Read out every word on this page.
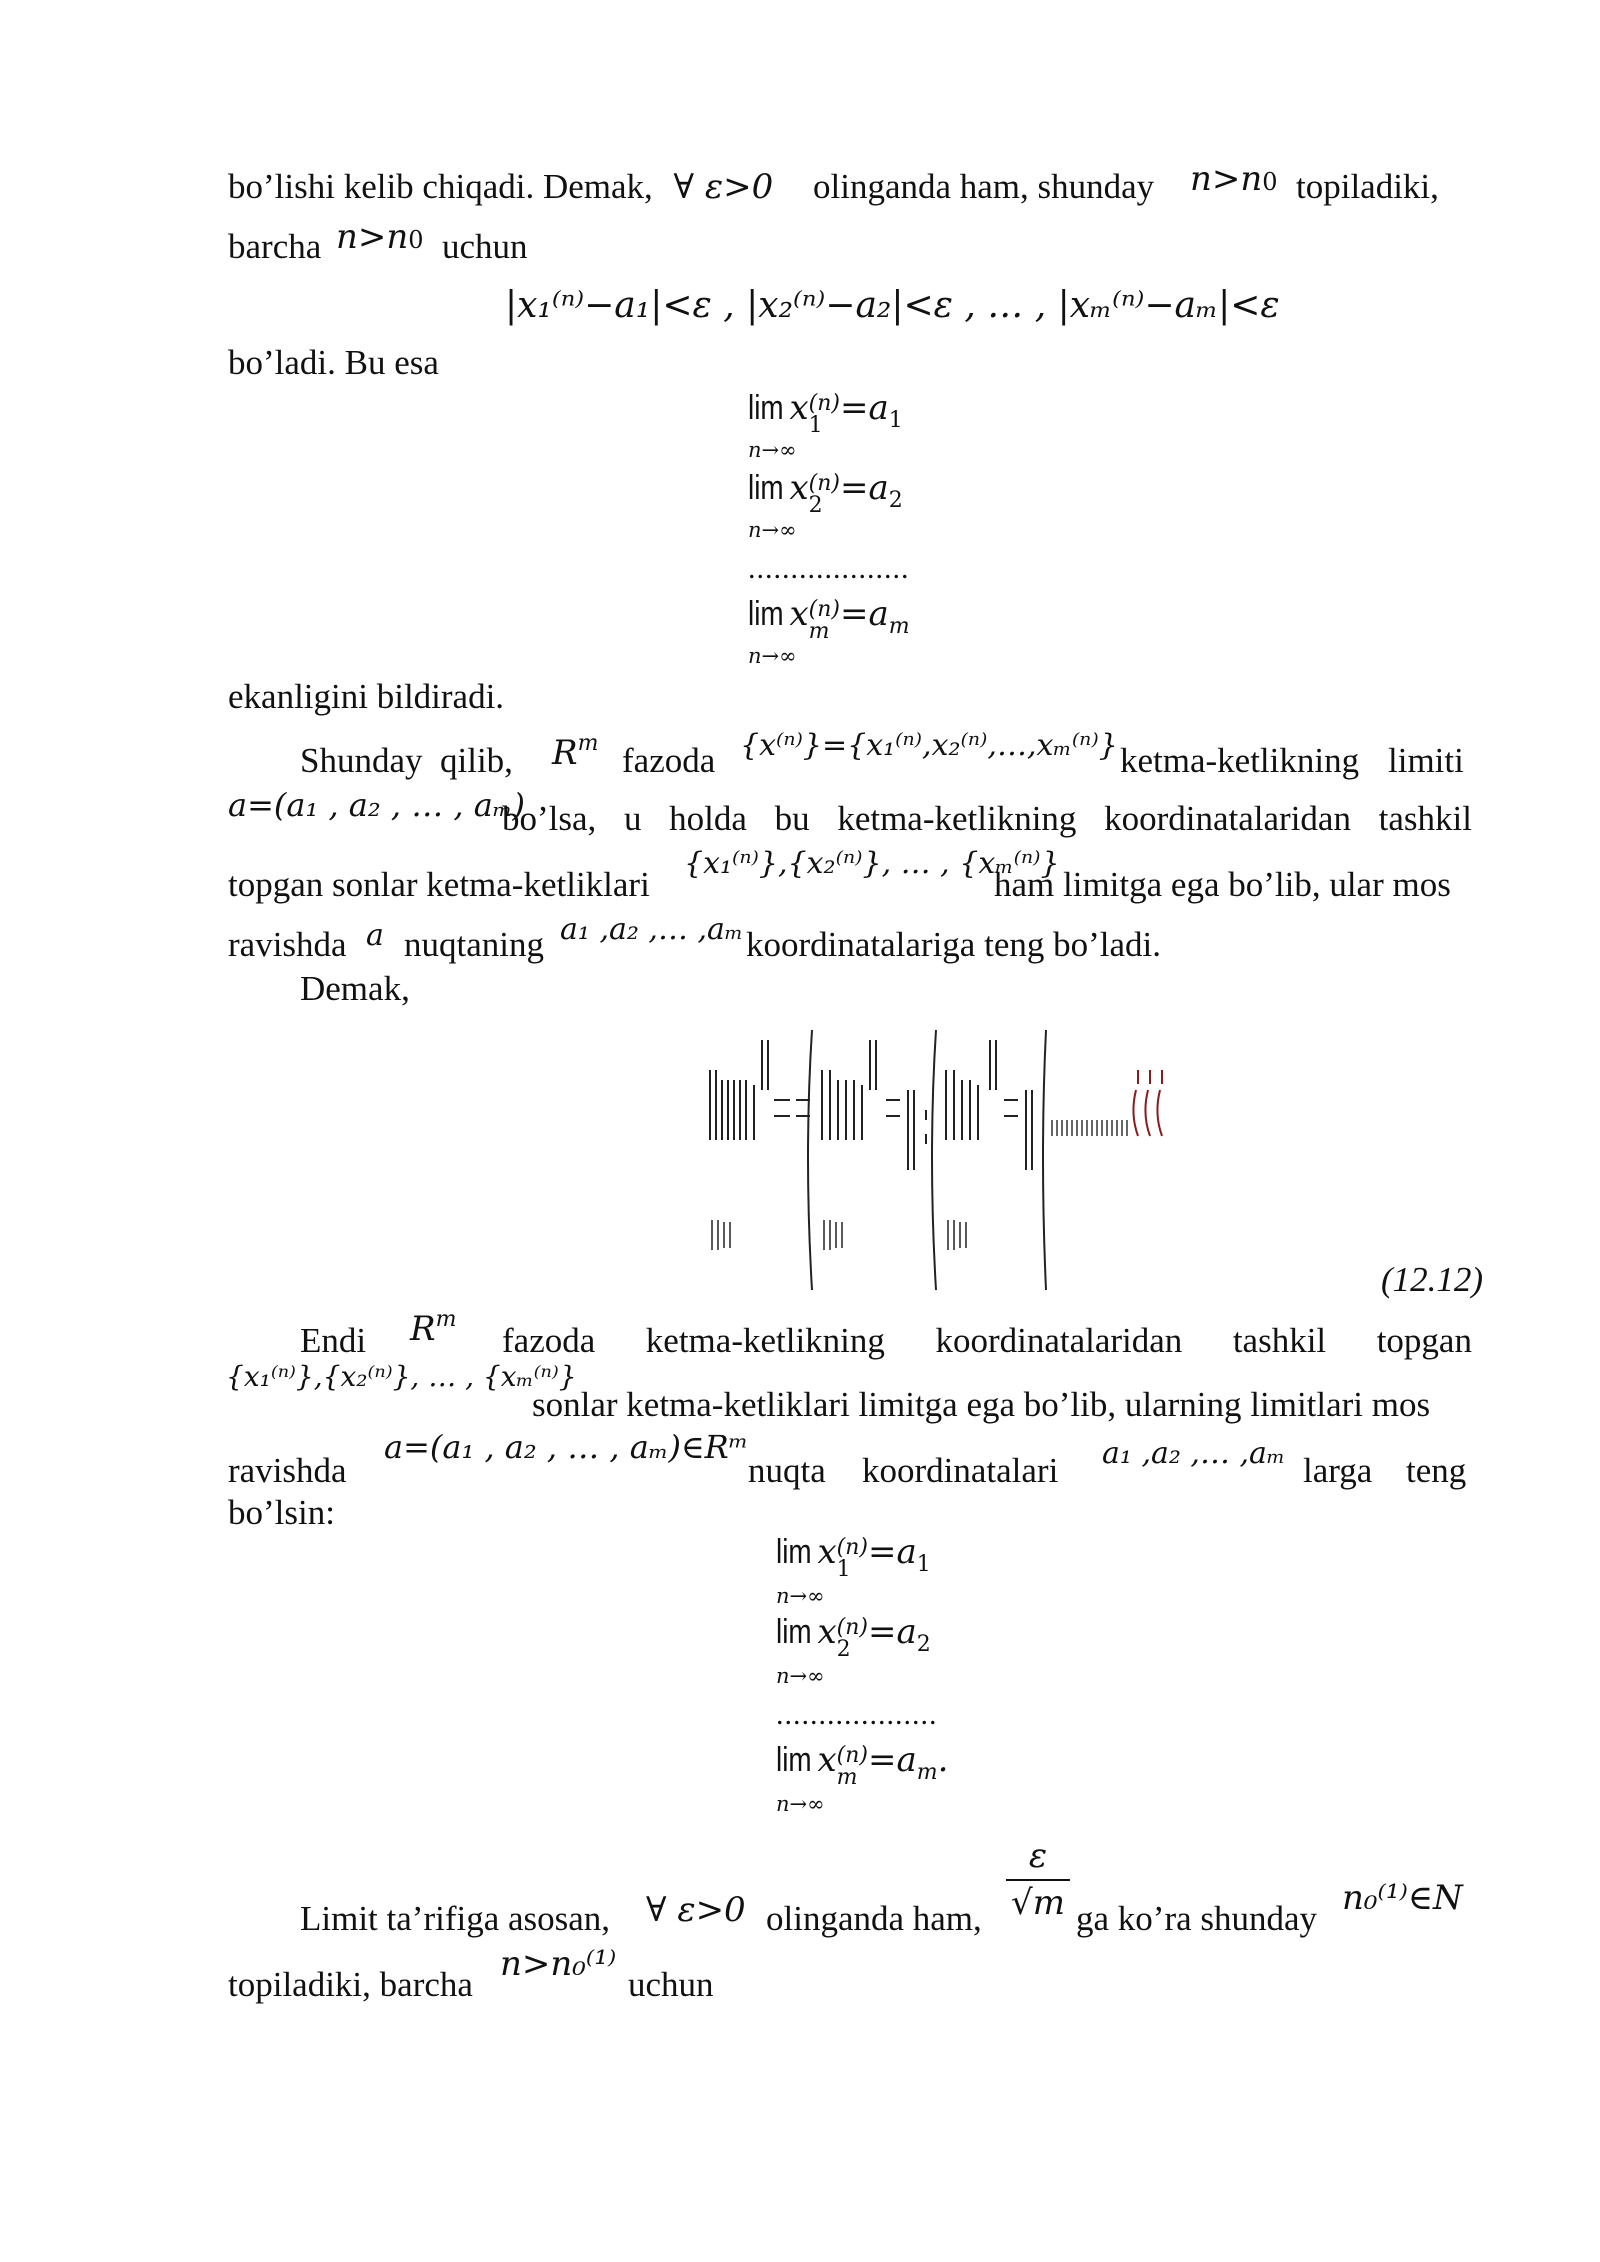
bo’lishi kelib chiqadi. Demak, ∀ ε>0 olinganda ham, shunday n>n0 topiladiki,
barcha n>n0 uchun
|x₁⁽ⁿ⁾−a₁|<ε , |x₂⁽ⁿ⁾−a₂|<ε , … , |xₘ⁽ⁿ⁾−aₘ|<ε
bo’ladi. Bu esa
lim x (n)
1 =a1
n→∞
lim x (n)
2 =a2
n→∞
...................
lim x (n)
m =am
n→∞
ekanligini bildiradi.
Shunday qilib, $R^m$ fazoda {x⁽ⁿ⁾}={x₁⁽ⁿ⁾,x₂⁽ⁿ⁾,…,xₘ⁽ⁿ⁾} ketma-ketlikning limiti
a=(a₁ , a₂ , … , aₘ)
bo’lsa, u holda bu ketma-ketlikning koordinatalaridan tashkil
topgan sonlar ketma-ketliklari
{x₁⁽ⁿ⁾},{x₂⁽ⁿ⁾}, … , {xₘ⁽ⁿ⁾}
ham limitga ega bo’lib, ular mos
ravishda a nuqtaning a₁ ,a₂ ,… ,aₘ koordinatalariga teng bo’ladi.
Demak,
(12.12)
Endi $R^m$
fazoda ketma-ketlikning koordinatalaridan tashkil topgan
{x₁⁽ⁿ⁾},{x₂⁽ⁿ⁾}, … , {xₘ⁽ⁿ⁾}
sonlar ketma-ketliklari limitga ega bo’lib, ularning limitlari mos
ravishda
a=(a₁ , a₂ , … , aₘ)∈Rᵐ
nuqta koordinatalari a₁ ,a₂ ,… ,aₘ larga teng
bo’lsin:
lim x (n)
1 =a1
n→∞
lim x (n)
2 =a2
n→∞
...................
lim x (n)
m =am.
n→∞
Limit ta’rifiga asosan, ∀ ε>0 olinganda ham,
ε
√m ga ko’ra shunday
n₀⁽¹⁾∈N
topiladiki, barcha
n>n₀⁽¹⁾
uchun
